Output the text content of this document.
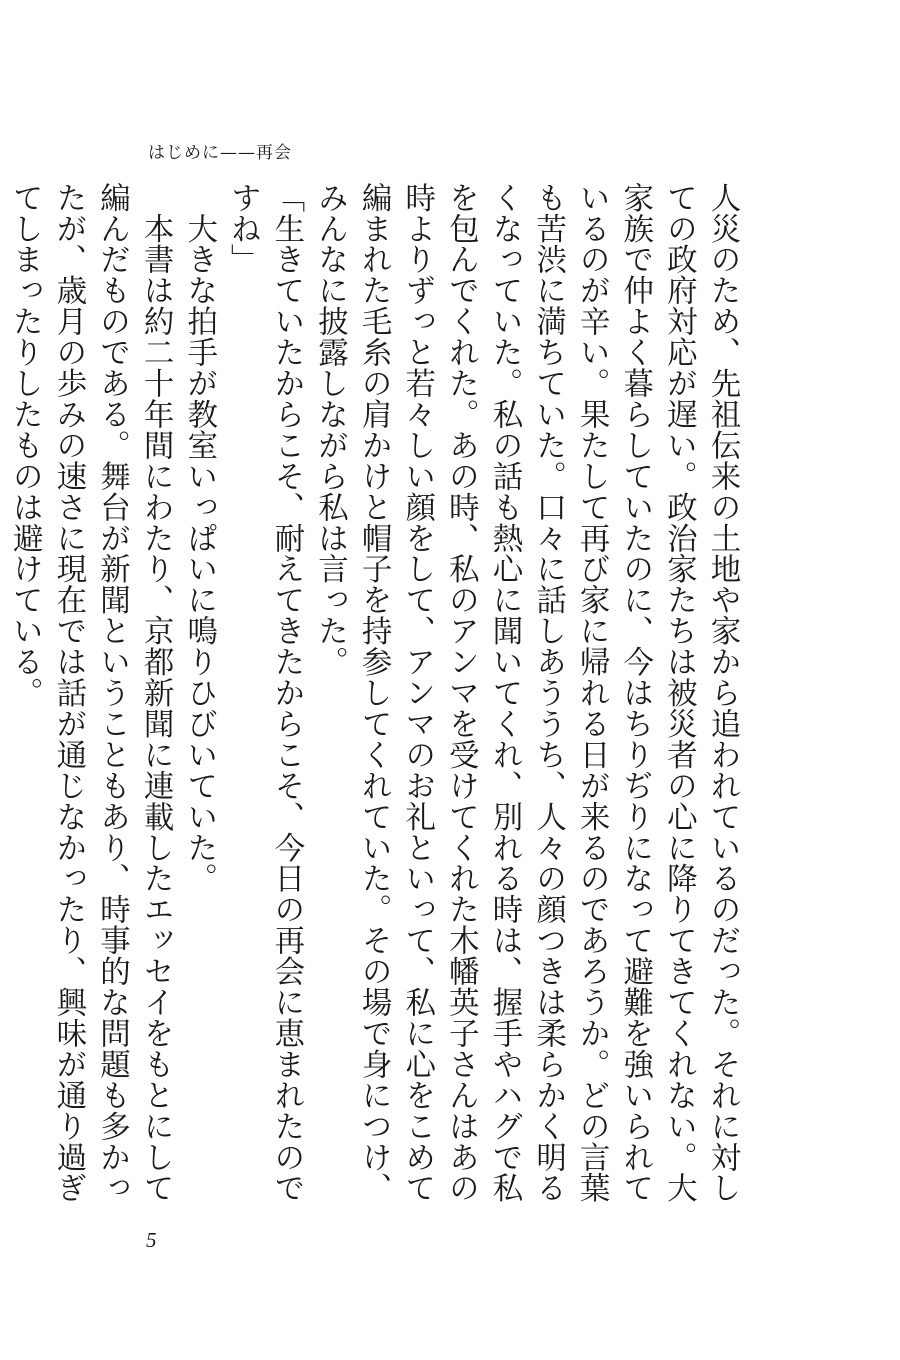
はじめに——再会

人災のため、先祖伝来の土地や家から追われているのだった。それに対しての政府対応が遅い。政治家たちは被災者の心に降りてきてくれない。大家族で仲よく暮らしていたのに、今はちりぢりになって避難を強いられているのが辛い。果たして再び家に帰れる日が来るのであろうか。どの言葉も苦渋に満ちていた。口々に話しあううち、人々の顔つきは柔らかく明るくなっていた。私の話も熱心に聞いてくれ、別れる時は、握手やハグで私を包んでくれた。あの時、私のアンマを受けてくれた木幡英子さんはあの時よりずっと若々しい顔をして、アンマのお礼といって、私に心をこめて編まれた毛糸の肩かけと帽子を持参してくれていた。その場で身につけ、みんなに披露しながら私は言った。

「生きていたからこそ、耐えてきたからこそ、今日の再会に恵まれたのですね」

　大きな拍手が教室いっぱいに鳴りひびいていた。

　本書は約二十年間にわたり、京都新聞に連載したエッセイをもとにして編んだものである。舞台が新聞ということもあり、時事的な問題も多かったが、歳月の歩みの速さに現在では話が通じなかったり、興味が通り過ぎてしまったりしたものは避けている。

5
